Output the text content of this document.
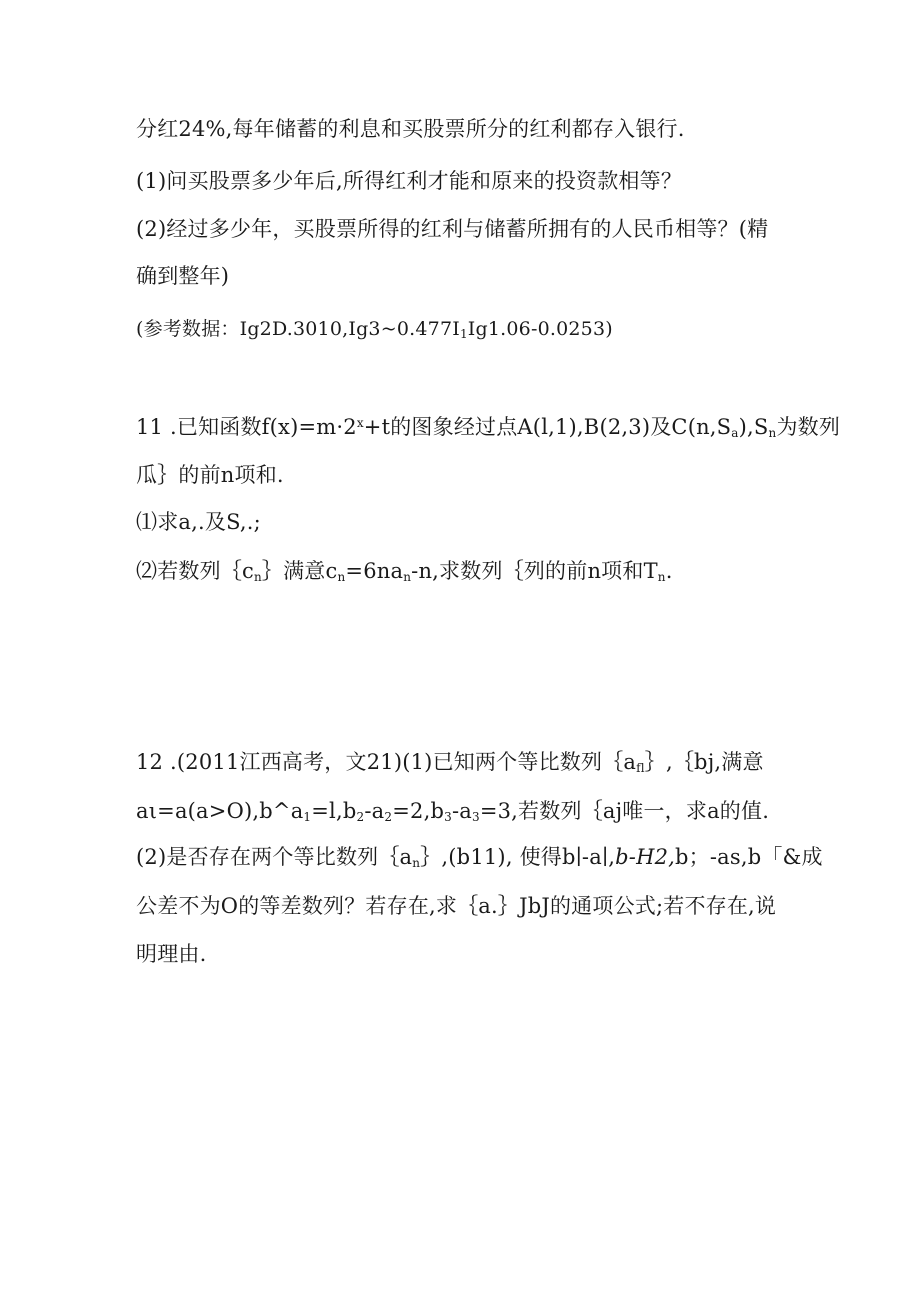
分红24%,每年储蓄的利息和买股票所分的红利都存入银行.
(1)问买股票多少年后,所得红利才能和原来的投资款相等？
(2)经过多少年，买股票所得的红利与储蓄所拥有的人民币相等？(精
确到整年)
(参考数据：$Ig2D.3010,Ig3\sim 0.477I_1Ig1.06-0.0253$)
11 .已知函数$f(x)=m\cdot 2^x+t$的图象经过点A(l,1),B(2,3)及$C(n,S_a),S_n$为数列
瓜｝的前n项和.
⑴求a,.及S,.;
⑵若数列$\{c_n\}$满意$c_n=6na_n-n$,求数列｛列的前n项和$T_n$.
12 .(2011江西高考，文21)(1)已知两个等比数列$\{a_{fl}\},\{bj$,满意
$a\iota=a(a>O),b\^{}a_1=l,b_2-a_2=2,b_3-a_3=3$,若数列｛aj唯一，求a的值.
(2)是否存在两个等比数列$\{a_n\},(b11)$, 使得b∣-a∣,b-H2,b；-as,b「&成
公差不为O的等差数列？若存在,求｛a.｝JbJ的通项公式;若不存在,说
明理由.
